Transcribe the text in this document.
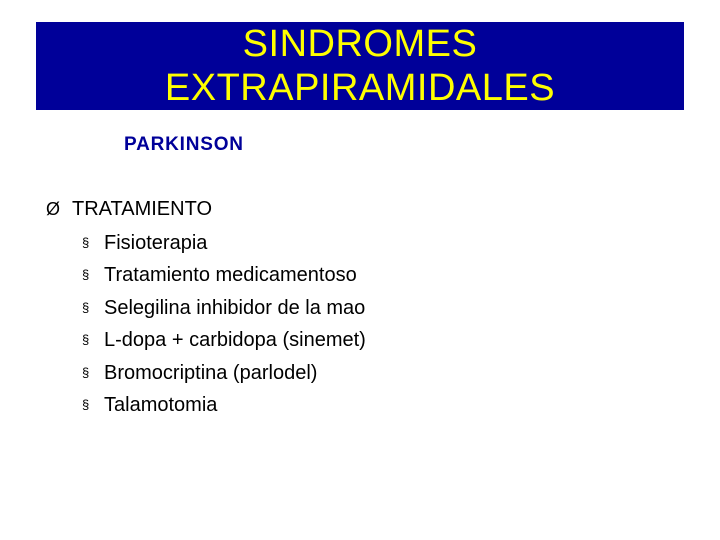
SINDROMES
EXTRAPIRAMIDALES
PARKINSON
Ø TRATAMIENTO
§ Fisioterapia
§ Tratamiento medicamentoso
§ Selegilina inhibidor de la mao
§ L-dopa + carbidopa (sinemet)
§ Bromocriptina (parlodel)
§ Talamotomia
